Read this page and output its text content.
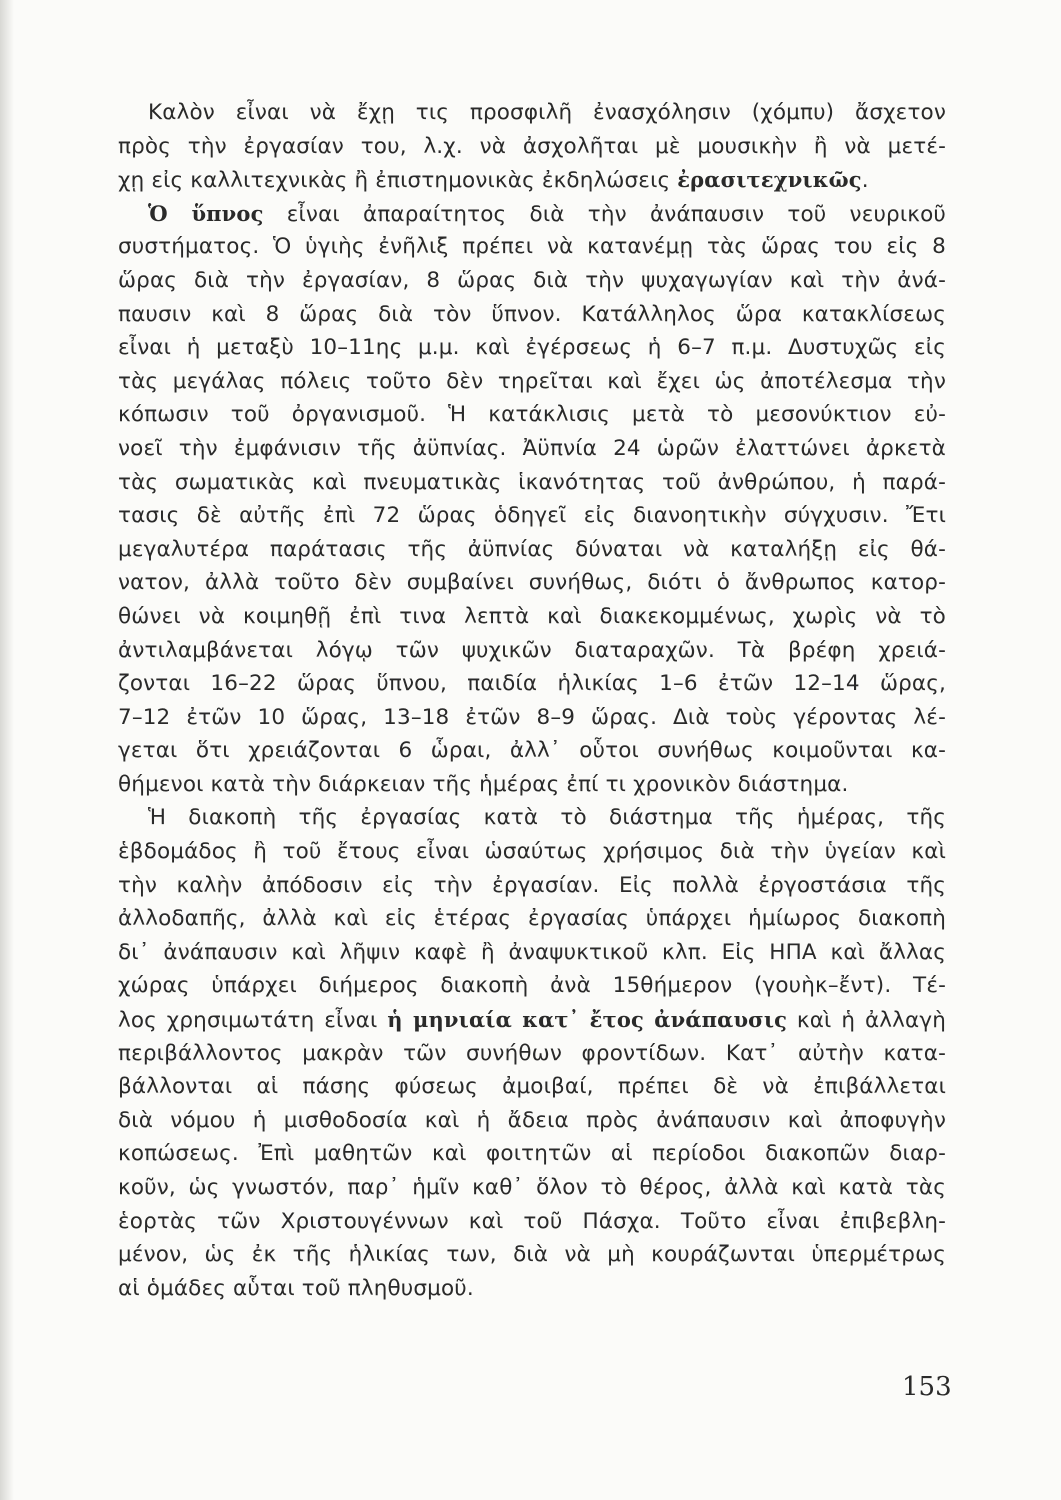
Καλὸν εἶναι νὰ ἔχῃ τις προσφιλῆ ἐνασχόλησιν (χόμπυ) ἄσχετον
πρὸς τὴν ἐργασίαν του, λ.χ. νὰ ἀσχολῆται μὲ μουσικὴν ἢ νὰ μετέ-
χῃ εἰς καλλιτεχνικὰς ἢ ἐπιστημονικὰς ἐκδηλώσεις ἐρασιτεχνικῶς.
Ὁ ὕπνος εἶναι ἀπαραίτητος διὰ τὴν ἀνάπαυσιν τοῦ νευρικοῦ
συστήματος. Ὁ ὑγιὴς ἐνῆλιξ πρέπει νὰ κατανέμῃ τὰς ὥρας του εἰς 8
ὥρας διὰ τὴν ἐργασίαν, 8 ὥρας διὰ τὴν ψυχαγωγίαν καὶ τὴν ἀνά-
παυσιν καὶ 8 ὥρας διὰ τὸν ὕπνον. Κατάλληλος ὥρα κατακλίσεως
εἶναι ἡ μεταξὺ 10–11ης μ.μ. καὶ ἐγέρσεως ἡ 6–7 π.μ. Δυστυχῶς εἰς
τὰς μεγάλας πόλεις τοῦτο δὲν τηρεῖται καὶ ἔχει ὡς ἀποτέλεσμα τὴν
κόπωσιν τοῦ ὀργανισμοῦ. Ἡ κατάκλισις μετὰ τὸ μεσονύκτιον εὐ-
νοεῖ τὴν ἐμφάνισιν τῆς ἀϋπνίας. Ἀϋπνία 24 ὡρῶν ἐλαττώνει ἀρκετὰ
τὰς σωματικὰς καὶ πνευματικὰς ἱκανότητας τοῦ ἀνθρώπου, ἡ παρά-
τασις δὲ αὐτῆς ἐπὶ 72 ὥρας ὁδηγεῖ εἰς διανοητικὴν σύγχυσιν. Ἔτι
μεγαλυτέρα παράτασις τῆς ἀϋπνίας δύναται νὰ καταλήξῃ εἰς θά-
νατον, ἀλλὰ τοῦτο δὲν συμβαίνει συνήθως, διότι ὁ ἄνθρωπος κατορ-
θώνει νὰ κοιμηθῇ ἐπὶ τινα λεπτὰ καὶ διακεκομμένως, χωρὶς νὰ τὸ
ἀντιλαμβάνεται λόγῳ τῶν ψυχικῶν διαταραχῶν. Τὰ βρέφη χρειά-
ζονται 16–22 ὥρας ὕπνου, παιδία ἡλικίας 1–6 ἐτῶν 12–14 ὥρας,
7–12 ἐτῶν 10 ὥρας, 13–18 ἐτῶν 8–9 ὥρας. Διὰ τοὺς γέροντας λέ-
γεται ὅτι χρειάζονται 6 ὧραι, ἀλλ᾽ οὗτοι συνήθως κοιμοῦνται κα-
θήμενοι κατὰ τὴν διάρκειαν τῆς ἡμέρας ἐπί τι χρονικὸν διάστημα.
Ἡ διακοπὴ τῆς ἐργασίας κατὰ τὸ διάστημα τῆς ἡμέρας, τῆς
ἑβδομάδος ἢ τοῦ ἔτους εἶναι ὡσαύτως χρήσιμος διὰ τὴν ὑγείαν καὶ
τὴν καλὴν ἀπόδοσιν εἰς τὴν ἐργασίαν. Εἰς πολλὰ ἐργοστάσια τῆς
ἀλλοδαπῆς, ἀλλὰ καὶ εἰς ἑτέρας ἐργασίας ὑπάρχει ἡμίωρος διακοπὴ
δι᾽ ἀνάπαυσιν καὶ λῆψιν καφὲ ἢ ἀναψυκτικοῦ κλπ. Εἰς ΗΠΑ καὶ ἄλλας
χώρας ὑπάρχει διήμερος διακοπὴ ἀνὰ 15θήμερον (γουὴκ–ἔντ). Τέ-
λος χρησιμωτάτη εἶναι ἡ μηνιαία κατ᾽ ἔτος ἀνάπαυσις καὶ ἡ ἀλλαγὴ
περιβάλλοντος μακρὰν τῶν συνήθων φροντίδων. Κατ᾽ αὐτὴν κατα-
βάλλονται αἱ πάσης φύσεως ἀμοιβαί, πρέπει δὲ νὰ ἐπιβάλλεται
διὰ νόμου ἡ μισθοδοσία καὶ ἡ ἄδεια πρὸς ἀνάπαυσιν καὶ ἀποφυγὴν
κοπώσεως. Ἐπὶ μαθητῶν καὶ φοιτητῶν αἱ περίοδοι διακοπῶν διαρ-
κοῦν, ὡς γνωστόν, παρ᾽ ἡμῖν καθ᾽ ὅλον τὸ θέρος, ἀλλὰ καὶ κατὰ τὰς
ἑορτὰς τῶν Χριστουγέννων καὶ τοῦ Πάσχα. Τοῦτο εἶναι ἐπιβεβλη-
μένον, ὡς ἐκ τῆς ἡλικίας των, διὰ νὰ μὴ κουράζωνται ὑπερμέτρως
αἱ ὁμάδες αὗται τοῦ πληθυσμοῦ.
153
